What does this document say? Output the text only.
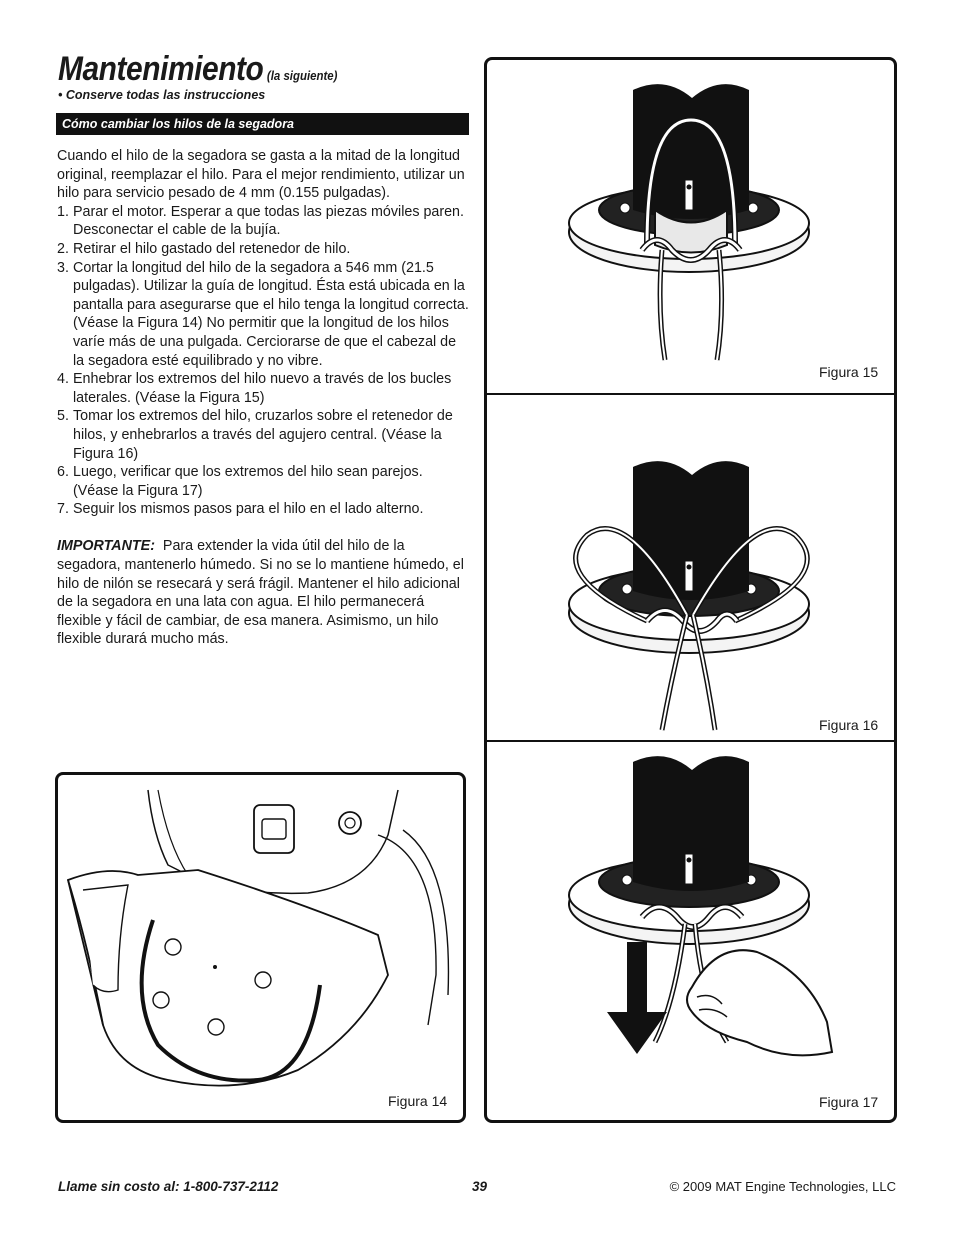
Mantenimiento (la siguiente)
• Conserve todas las instrucciones
Cómo cambiar los hilos de la segadora

Cuando el hilo de la segadora se gasta a la mitad de la longitud original, reemplazar el hilo. Para el mejor rendimiento, utilizar un hilo para servicio pesado de 4 mm (0.155 pulgadas).

1. Parar el motor. Esperar a que todas las piezas móviles paren. Desconectar el cable de la bujía.
2. Retirar el hilo gastado del retenedor de hilo.
3. Cortar la longitud del hilo de la segadora a 546 mm (21.5 pulgadas). Utilizar la guía de longitud. Ésta está ubicada en la pantalla para asegurarse que el hilo tenga la longitud correcta. (Véase la Figura 14) No permitir que la longitud de los hilos varíe más de una pulgada. Cerciorarse de que el cabezal de la segadora esté equilibrado y no vibre.
4. Enhebrar los extremos del hilo nuevo a través de los bucles laterales. (Véase la Figura 15)
5. Tomar los extremos del hilo, cruzarlos sobre el retenedor de hilos, y enhebrarlos a través del agujero central. (Véase la Figura 16)
6. Luego, verificar que los extremos del hilo sean parejos. (Véase la Figura 17)
7. Seguir los mismos pasos para el hilo en el lado alterno.

IMPORTANTE: Para extender la vida útil del hilo de la segadora, mantenerlo húmedo. Si no se lo mantiene húmedo, el hilo de nilón se resecará y será frágil. Mantener el hilo adicional de la segadora en una lata con agua. El hilo permanecerá flexible y fácil de cambiar, de esa manera. Asimismo, un hilo flexible durará mucho más.

Figura 15
Figura 16
Figura 17
Figura 14
Llame sin costo al: 1-800-737-2112	39	© 2009 MAT Engine Technologies, LLC
